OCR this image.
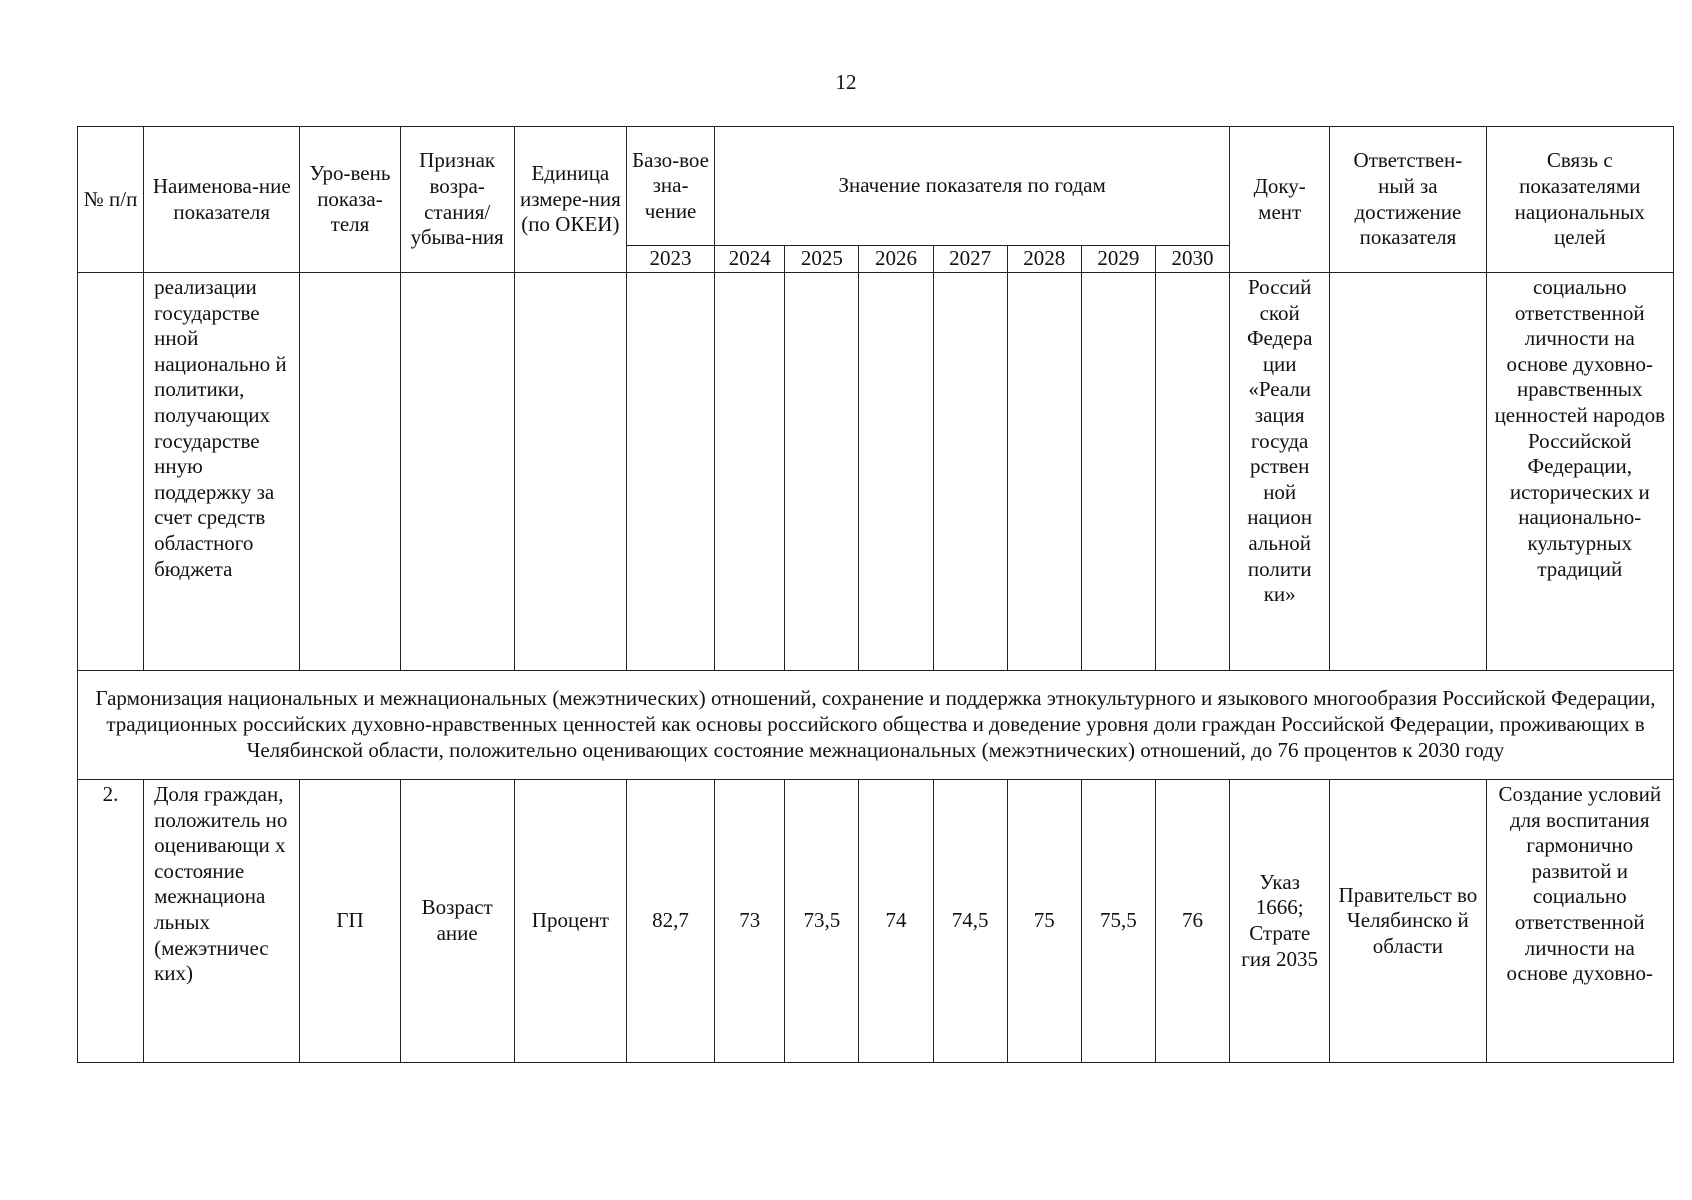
12
№ п/п	Наименова-ние показателя	Уро-вень показа-теля	Признак возра-стания/ убыва-ния	Единица измере-ния (по ОКЕИ)	Базо-вое зна-чение	Значение показателя по годам							Доку-мент	Ответствен-ный за достижение показателя	Связь с показателями национальных целей
					2023	2024	2025	2026	2027	2028	2029	2030			
	реализации государстве нной национально й политики, получающих государстве нную поддержку за счет средств областного бюджета												Россий ской Федера ции «Реали зация госуда рствен ной национ альной полити ки»		социально ответственной личности на основе духовно-нравственных ценностей народов Российской Федерации, исторических и национально-культурных традиций
Гармонизация национальных и межнациональных (межэтнических) отношений, сохранение и поддержка этнокультурного и языкового многообразия Российской Федерации, традиционных российских духовно-нравственных ценностей как основы российского общества и доведение уровня доли граждан Российской Федерации, проживающих в Челябинской области, положительно оценивающих состояние межнациональных (межэтнических) отношений, до 76 процентов к 2030 году															
2.	Доля граждан, положитель но оценивающи х состояние межнациона льных (межэтничес ких)	ГП	Возраст ание	Процент	82,7	73	73,5	74	74,5	75	75,5	76	Указ 1666; Страте гия 2035	Правительст во Челябинско й области	Создание условий для воспитания гармонично развитой и социально ответственной личности на основе духовно-
